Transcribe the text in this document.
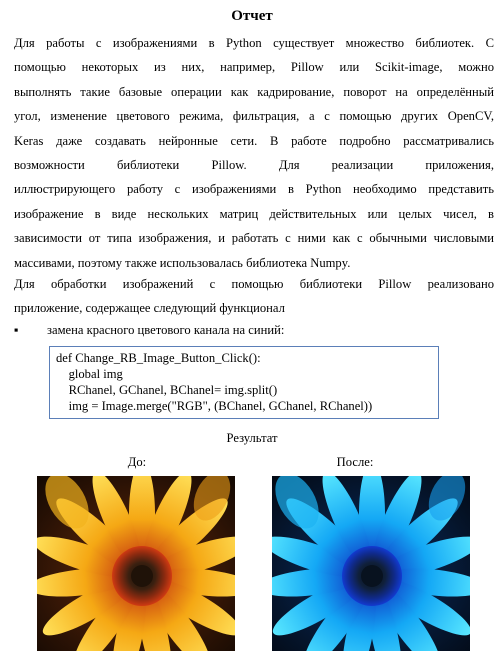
Отчет
Для работы с изображениями в Python существует множество библиотек. С
помощью некоторых из них, например, Pillow или Scikit-image, можно
выполнять такие базовые операции как кадрирование, поворот на определённый
угол, изменение цветового режима, фильтрация, а с помощью других OpenCV,
Keras даже создавать нейронные сети. В работе подробно рассматривались
возможности библиотеки Pillow. Для реализации приложения,
иллюстрирующего работу с изображениями в Python необходимо представить
изображение в виде нескольких матриц действительных или целых чисел, в
зависимости от типа изображения, и работать с ними как с обычными числовыми
массивами, поэтому также использовалась библиотека Numpy.
Для обработки изображений с помощью библиотеки Pillow реализовано
приложение, содержащее следующий функционал
▪	замена красного цветового канала на синий:
def Change_RB_Image_Button_Click():
global img
RChanel, GChanel, BChanel= img.split()
img = Image.merge("RGB", (BChanel, GChanel, RChanel))
Результат
До:	После:
